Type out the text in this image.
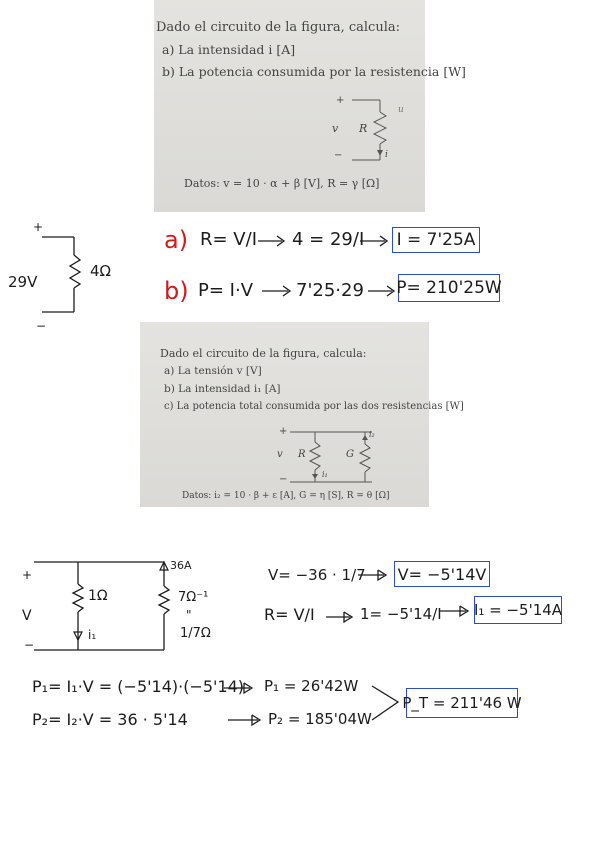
Dado el circuito de la figura, calcula:
a) La intensidad i [A]
b) La potencia consumida por la resistencia [W]
+
−
v R
i
u
Datos: v = 10 · α + β [V], R = γ [Ω]
+
−
29V
4Ω
a) R= V/I 4 = 29/I I = 7'25A
b) P= I·V 7'25·29 P= 210'25W
Dado el circuito de la figura, calcula:
a) La tensión v [V]
b) La intensidad i₁ [A]
c) La potencia total consumida por las dos resistencias [W]
+
−
v R	G
i₁
i₂
Datos: i₂ = 10 · β + ε [A], G = η [S], R = θ [Ω]
+
−
V
36A
1Ω	7Ω⁻¹
"
1/7Ω
i₁
V= −36 · 1/7 V= −5'14V
R= V/I	1= −5'14/I I₁ = −5'14A
P₁= I₁·V = (−5'14)·(−5'14) P₁ = 26'42W
P₂= I₂·V = 36 · 5'14	P₂ = 185'04W
P_T = 211'46 W
